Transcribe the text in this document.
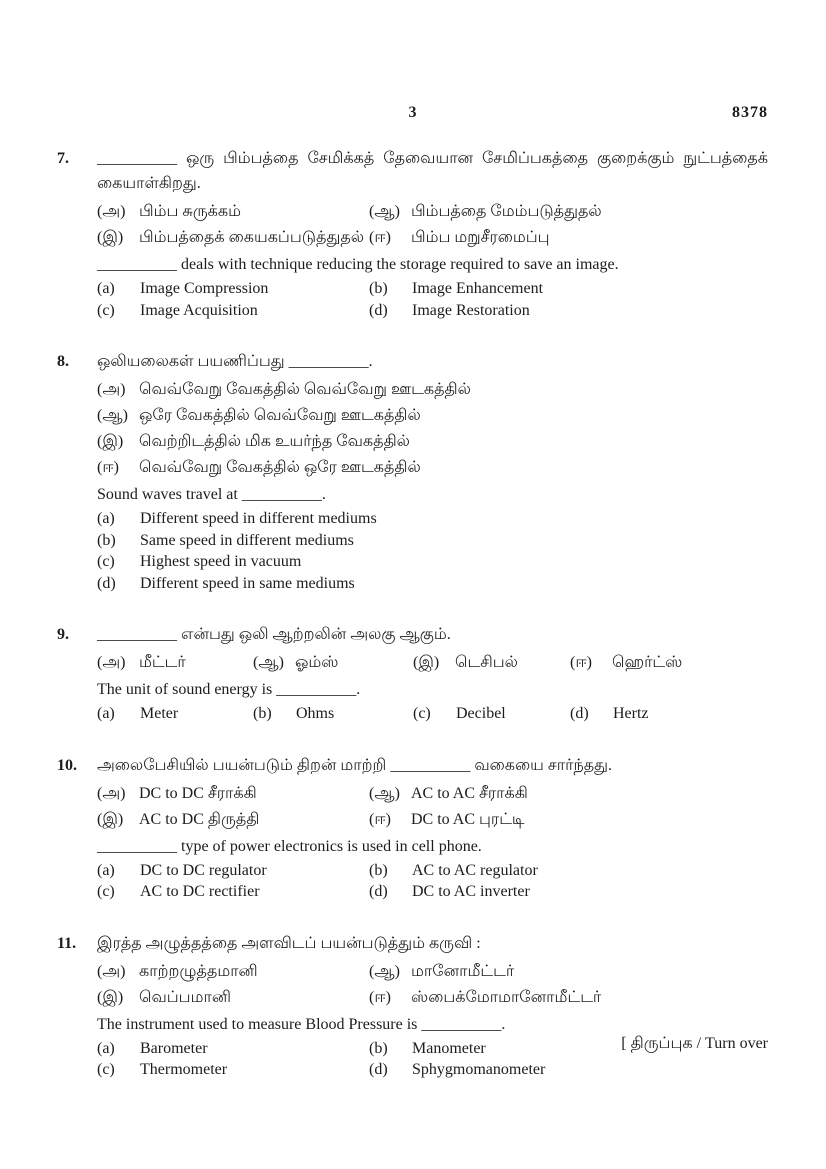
3	8378
7.	__________ ஒரு பிம்பத்தை சேமிக்கத் தேவையான சேமிப்பகத்தை குறைக்கும் நுட்பத்தைக் கையாள்கிறது.

(அ) பிம்ப சுருக்கம்	(ஆ) பிம்பத்தை மேம்படுத்துதல்
(இ) பிம்பத்தைக் கையகப்படுத்துதல் (ஈ)	பிம்ப மறுசீரமைப்பு

__________ deals with technique reducing the storage required to save an image.

(a)	Image Compression	(b)	Image Enhancement
(c)	Image Acquisition	(d)	Image Restoration
8.	ஒலியலைகள் பயணிப்பது __________.

(அ) வெவ்வேறு வேகத்தில் வெவ்வேறு ஊடகத்தில்
(ஆ) ஒரே வேகத்தில் வெவ்வேறு ஊடகத்தில்
(இ) வெற்றிடத்தில் மிக உயர்ந்த வேகத்தில்
(ஈ)	வெவ்வேறு வேகத்தில் ஒரே ஊடகத்தில்

Sound waves travel at __________.

(a)	Different speed in different mediums
(b)	Same speed in different mediums
(c)	Highest speed in vacuum
(d)	Different speed in same mediums
9.	__________ என்பது ஒலி ஆற்றலின் அலகு ஆகும்.

(அ) மீட்டர்	(ஆ) ஓம்ஸ்	(இ) டெசிபல்	(ஈ)	ஹெர்ட்ஸ்

The unit of sound energy is __________.

(a)	Meter	(b)	Ohms	(c)	Decibel	(d)	Hertz
10.	அலைபேசியில் பயன்படும் திறன் மாற்றி __________ வகையை சார்ந்தது.

(அ) DC to DC சீராக்கி	(ஆ) AC to AC சீராக்கி
(இ) AC to DC திருத்தி	(ஈ)	DC to AC புரட்டி

__________ type of power electronics is used in cell phone.

(a)	DC to DC regulator	(b)	AC to AC regulator
(c)	AC to DC rectifier	(d)	DC to AC inverter
11.	இரத்த அழுத்தத்தை அளவிடப் பயன்படுத்தும் கருவி :

(அ) காற்றழுத்தமானி	(ஆ) மானோமீட்டர்
(இ) வெப்பமானி	(ஈ)	ஸ்பைக்மோமானோமீட்டர்

The instrument used to measure Blood Pressure is __________.

(a)	Barometer	(b)	Manometer
(c)	Thermometer	(d)	Sphygmomanometer
[ திருப்புக / Turn over
